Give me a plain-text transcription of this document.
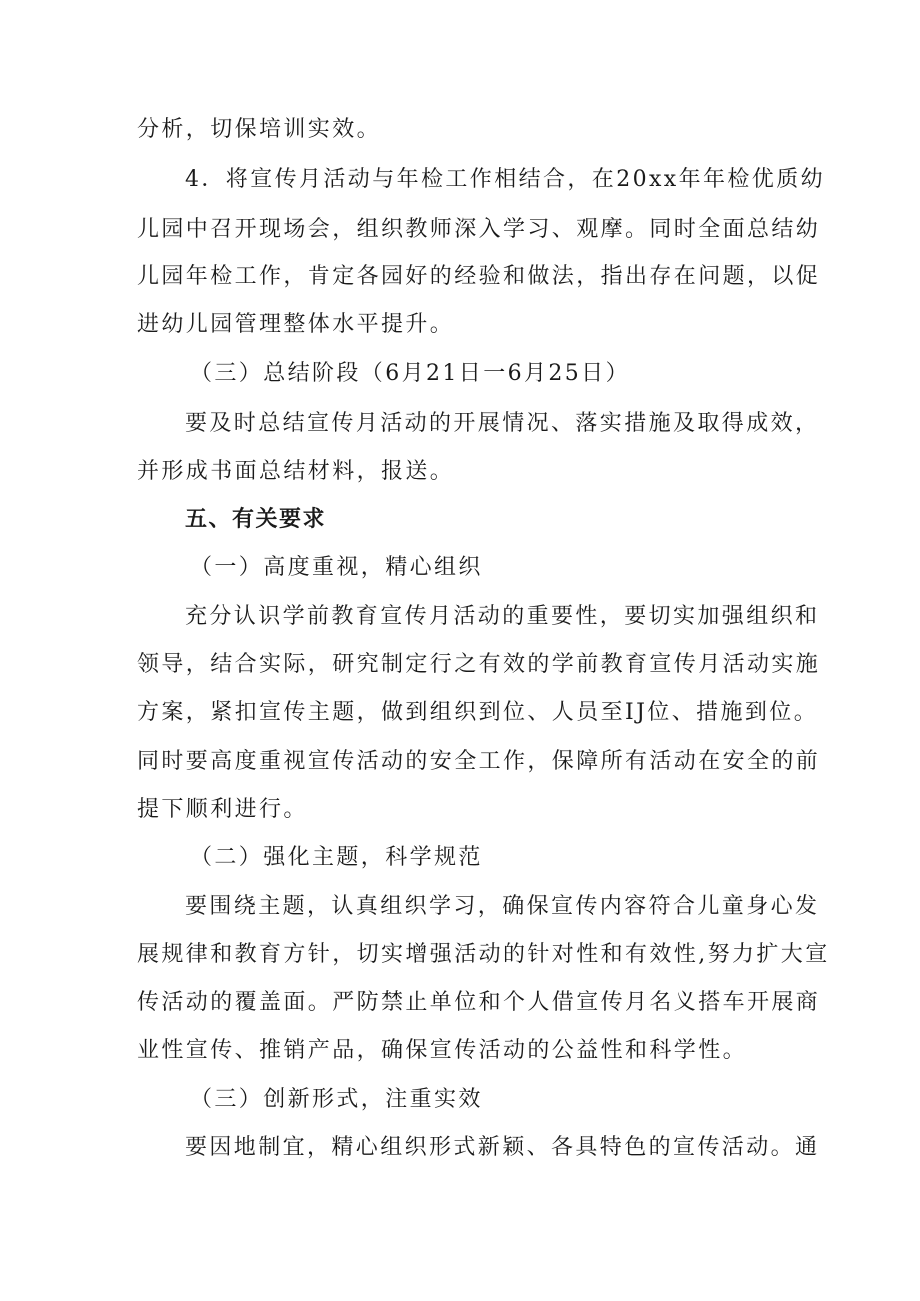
分析，切保培训实效。
4．将宣传月活动与年检工作相结合，在20xx年年检优质幼
儿园中召开现场会，组织教师深入学习、观摩。同时全面总结幼
儿园年检工作，肯定各园好的经验和做法，指出存在问题，以促
进幼儿园管理整体水平提升。
（三）总结阶段（6月21日一6月25日）
要及时总结宣传月活动的开展情况、落实措施及取得成效，
并形成书面总结材料，报送。
五、有关要求
（一）高度重视，精心组织
充分认识学前教育宣传月活动的重要性，要切实加强组织和
领导，结合实际，研究制定行之有效的学前教育宣传月活动实施
方案，紧扣宣传主题，做到组织到位、人员至IJ位、措施到位。
同时要高度重视宣传活动的安全工作，保障所有活动在安全的前
提下顺利进行。
（二）强化主题，科学规范
要围绕主题，认真组织学习，确保宣传内容符合儿童身心发
展规律和教育方针，切实增强活动的针对性和有效性,努力扩大宣
传活动的覆盖面。严防禁止单位和个人借宣传月名义搭车开展商
业性宣传、推销产品，确保宣传活动的公益性和科学性。
（三）创新形式，注重实效
要因地制宜，精心组织形式新颖、各具特色的宣传活动。通
